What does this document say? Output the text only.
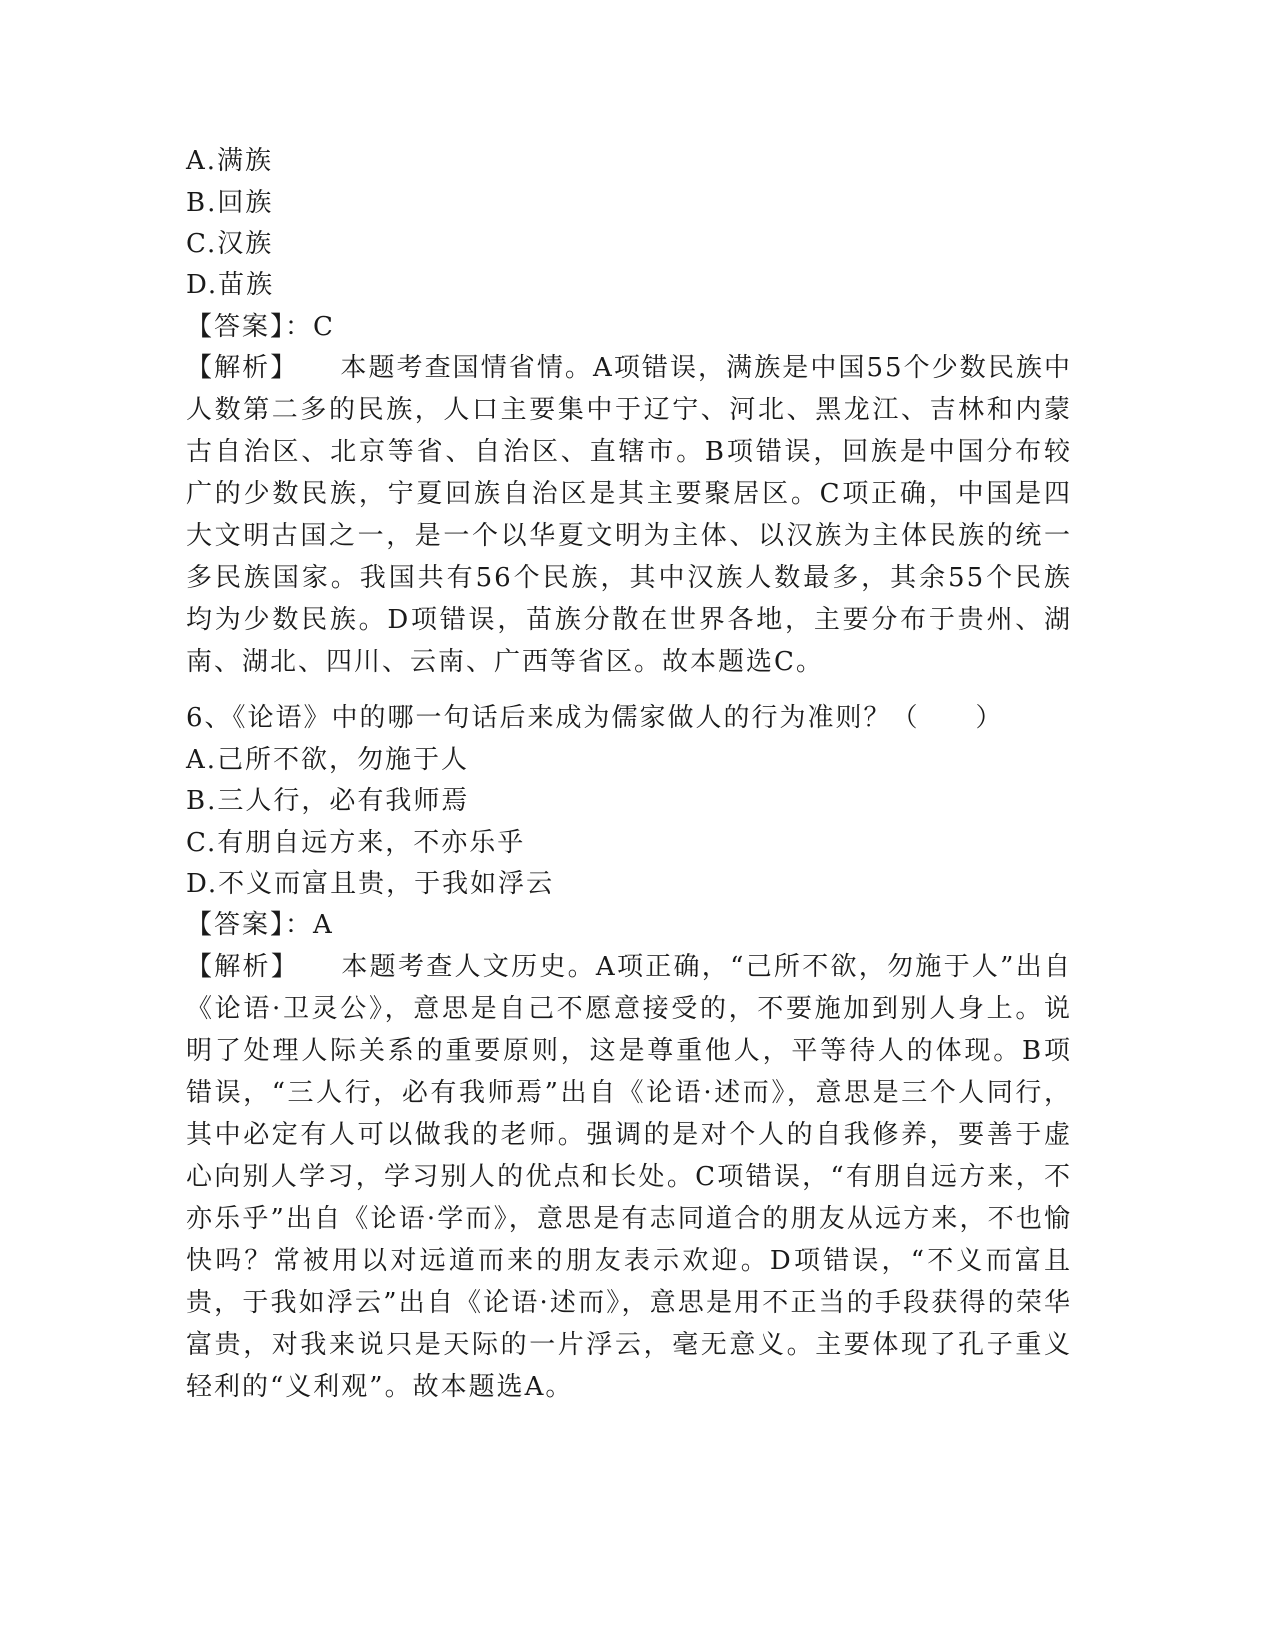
A.满族
B.回族
C.汉族
D.苗族
【答案】：C
【解析】 本题考查国情省情。A项错误，满族是中国55个少数民族中人数第二多的民族，人口主要集中于辽宁、河北、黑龙江、吉林和内蒙古自治区、北京等省、自治区、直辖市。B项错误，回族是中国分布较广的少数民族，宁夏回族自治区是其主要聚居区。C项正确，中国是四大文明古国之一，是一个以华夏文明为主体、以汉族为主体民族的统一多民族国家。我国共有56个民族，其中汉族人数最多，其余55个民族均为少数民族。D项错误，苗族分散在世界各地，主要分布于贵州、湖南、湖北、四川、云南、广西等省区。故本题选C。
6、《论语》中的哪一句话后来成为儒家做人的行为准则？（　　）
A.己所不欲，勿施于人
B.三人行，必有我师焉
C.有朋自远方来，不亦乐乎
D.不义而富且贵，于我如浮云
【答案】：A
【解析】 本题考查人文历史。A项正确，“己所不欲，勿施于人”出自《论语·卫灵公》，意思是自己不愿意接受的，不要施加到别人身上。说明了处理人际关系的重要原则，这是尊重他人，平等待人的体现。B项错误，“三人行，必有我师焉”出自《论语·述而》，意思是三个人同行，其中必定有人可以做我的老师。强调的是对个人的自我修养，要善于虚心向别人学习，学习别人的优点和长处。C项错误，“有朋自远方来，不亦乐乎”出自《论语·学而》，意思是有志同道合的朋友从远方来，不也愉快吗？常被用以对远道而来的朋友表示欢迎。D项错误，“不义而富且贵，于我如浮云”出自《论语·述而》，意思是用不正当的手段获得的荣华富贵，对我来说只是天际的一片浮云，毫无意义。主要体现了孔子重义轻利的“义利观”。故本题选A。
